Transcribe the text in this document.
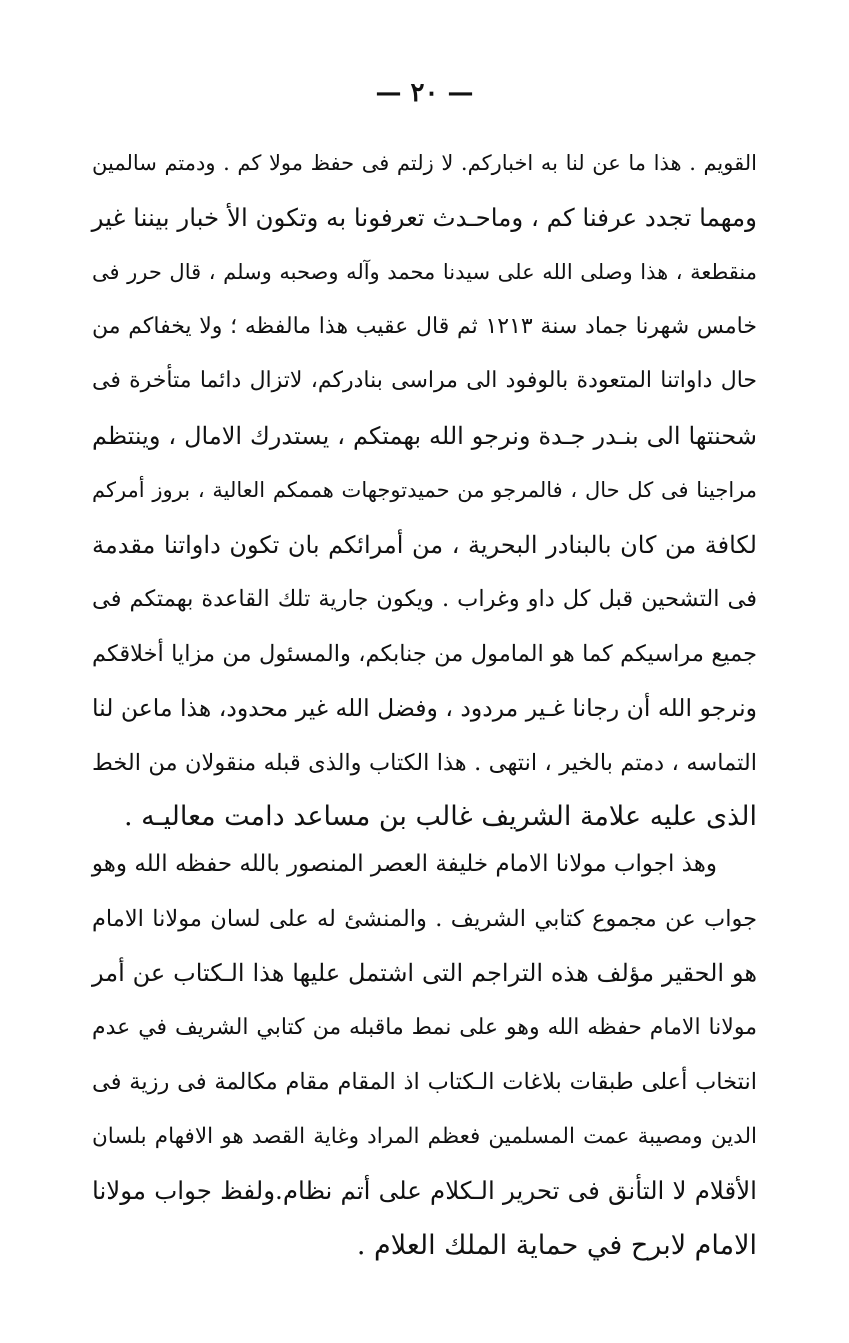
— ٢٠ —
القويم . هذا ما عن لنا به اخباركم. لا زلتم فى حفظ مولا كم . ودمتم سالمين
ومهما تجدد عرفنا كم ، وماحـدث تعرفونا به وتكون الأ خبار بيننا غير
منقطعة ، هذا وصلى الله على سيدنا محمد وآله وصحبه وسلم ، قال حرر فى
خامس شهرنا جماد سنة ١٢١٣ ثم قال عقيب هذا مالفظه ؛ ولا يخفاكم من
حال داواتنا المتعودة بالوفود الى مراسى بنادركم، لاتزال دائما متأخرة فى
شحنتها الى بنـدر جـدة ونرجو الله بهمتكم ، يستدرك الامال ، وينتظم
مراجينا فى كل حال ، فالمرجو من حميدتوجهات هممكم العالية ، بروز أمركم
لكافة من كان بالبنادر البحرية ، من أمرائكم بان تكون داواتنا مقدمة
فى التشحين قبل كل داو وغراب . ويكون جارية تلك القاعدة بهمتكم فى
جميع مراسيكم كما هو المامول من جنابكم، والمسئول من مزايا أخلاقكم
ونرجو الله أن رجانا غـير مردود ، وفضل الله غير محدود، هذا ماعن لنا
التماسه ، دمتم بالخير ، انتهى . هذا الكتاب والذى قبله منقولان من الخط
الذى عليه علامة الشريف غالب بن مساعد دامت معاليـه .
وهذ اجواب مولانا الامام خليفة العصر المنصور بالله حفظه الله وهو
جواب عن مجموع كتابي الشريف . والمنشئ له على لسان مولانا الامام
هو الحقير مؤلف هذه التراجم التى اشتمل عليها هذا الـكتاب عن أمر
مولانا الامام حفظه الله وهو على نمط ماقبله من كتابي الشريف في عدم
انتخاب أعلى طبقات بلاغات الـكتاب اذ المقام مقام مكالمة فى رزية فى
الدين ومصيبة عمت المسلمين فعظم المراد وغاية القصد هو الافهام بلسان
الأقلام لا التأنق فى تحرير الـكلام على أتم نظام.ولفظ جواب مولانا
الامام لابرح في حماية الملك العلام .
